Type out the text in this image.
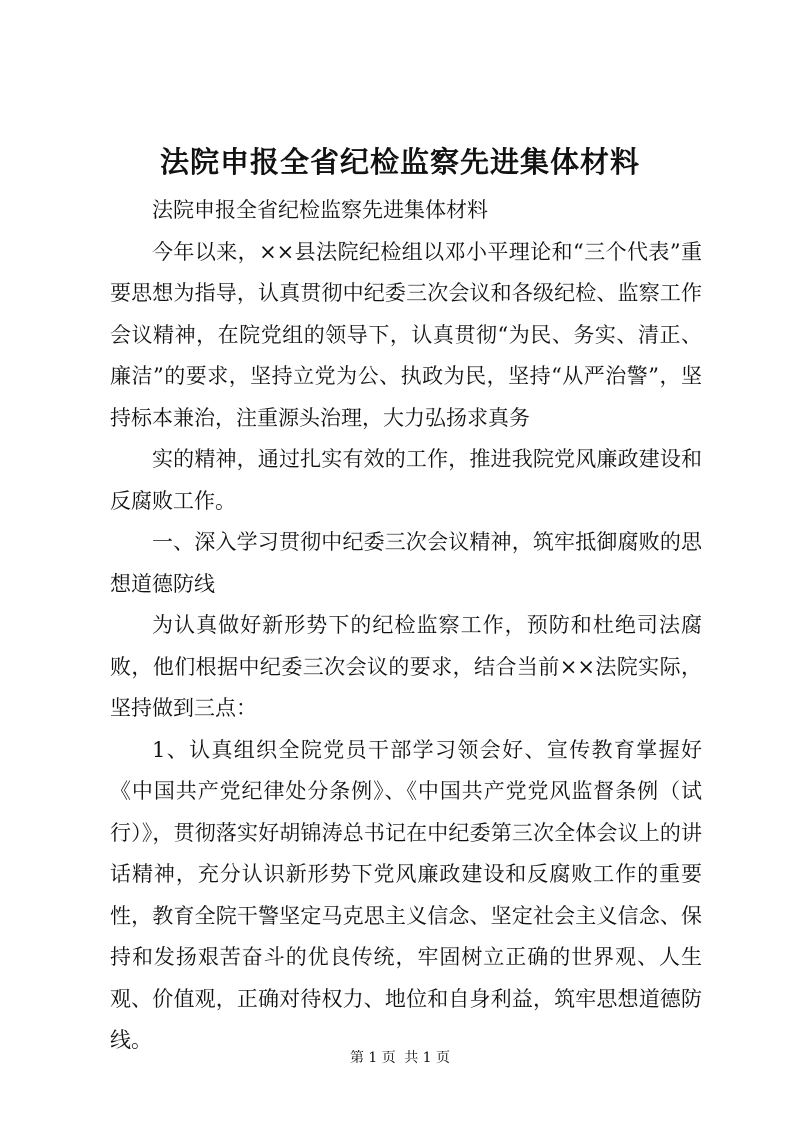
法院申报全省纪检监察先进集体材料

法院申报全省纪检监察先进集体材料

今年以来，××县法院纪检组以邓小平理论和“三个代表”重要思想为指导，认真贯彻中纪委三次会议和各级纪检、监察工作会议精神，在院党组的领导下，认真贯彻“为民、务实、清正、廉洁”的要求，坚持立党为公、执政为民，坚持“从严治警”，坚持标本兼治，注重源头治理，大力弘扬求真务

实的精神，通过扎实有效的工作，推进我院党风廉政建设和反腐败工作。

一、深入学习贯彻中纪委三次会议精神，筑牢抵御腐败的思想道德防线

为认真做好新形势下的纪检监察工作，预防和杜绝司法腐败，他们根据中纪委三次会议的要求，结合当前××法院实际，坚持做到三点：

1、认真组织全院党员干部学习领会好、宣传教育掌握好《中国共产党纪律处分条例》、《中国共产党党风监督条例（试行）》，贯彻落实好胡锦涛总书记在中纪委第三次全体会议上的讲话精神，充分认识新形势下党风廉政建设和反腐败工作的重要性，教育全院干警坚定马克思主义信念、坚定社会主义信念、保持和发扬艰苦奋斗的优良传统，牢固树立正确的世界观、人生观、价值观，正确对待权力、地位和自身利益，筑牢思想道德防线。

第 1 页 共 1 页
